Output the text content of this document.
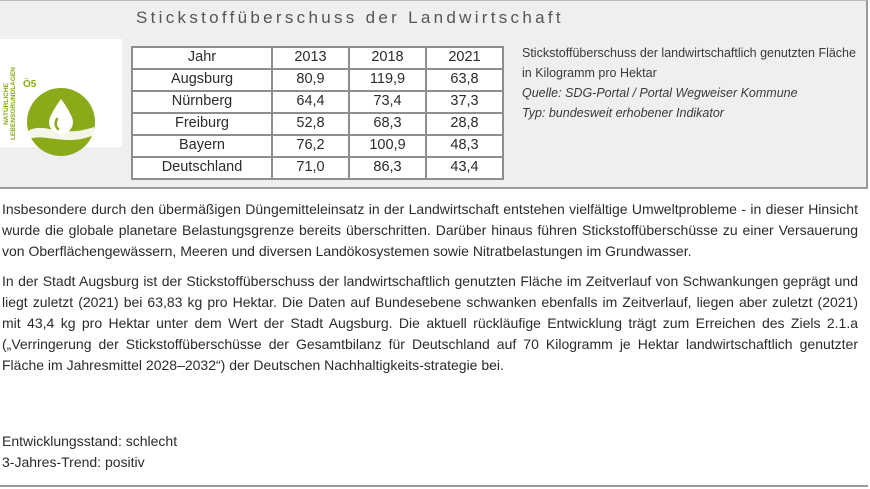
Stickstoffüberschuss der Landwirtschaft
NATÜRLICHE LEBENSGRUNDLAGEN Ö5
Jahr	2013	2018	2021
Augsburg	80,9	119,9	63,8
Nürnberg	64,4	73,4	37,3
Freiburg	52,8	68,3	28,8
Bayern	76,2	100,9	48,3
Deutschland	71,0	86,3	43,4
Stickstoffüberschuss der landwirtschaftlich genutzten Fläche in Kilogramm pro Hektar
Quelle: SDG-Portal / Portal Wegweiser Kommune
Typ: bundesweit erhobener Indikator

Insbesondere durch den übermäßigen Düngemitteleinsatz in der Landwirtschaft entstehen vielfältige Umweltprobleme - in dieser Hinsicht wurde die globale planetare Belastungsgrenze bereits überschritten. Darüber hinaus führen Stickstoffüberschüsse zu einer Versauerung von Oberflächengewässern, Meeren und diversen Landökosystemen sowie Nitratbelastungen im Grundwasser.

In der Stadt Augsburg ist der Stickstoffüberschuss der landwirtschaftlich genutzten Fläche im Zeitverlauf von Schwankungen geprägt und liegt zuletzt (2021) bei 63,83 kg pro Hektar. Die Daten auf Bundesebene schwanken ebenfalls im Zeitverlauf, liegen aber zuletzt (2021) mit 43,4 kg pro Hektar unter dem Wert der Stadt Augsburg. Die aktuell rückläufige Entwicklung trägt zum Erreichen des Ziels 2.1.a („Verringerung der Stickstoffüberschüsse der Gesamtbilanz für Deutschland auf 70 Kilogramm je Hektar landwirtschaftlich genutzter Fläche im Jahresmittel 2028–2032“) der Deutschen Nachhaltigkeits-strategie bei.

Entwicklungsstand: schlecht
3-Jahres-Trend: positiv
